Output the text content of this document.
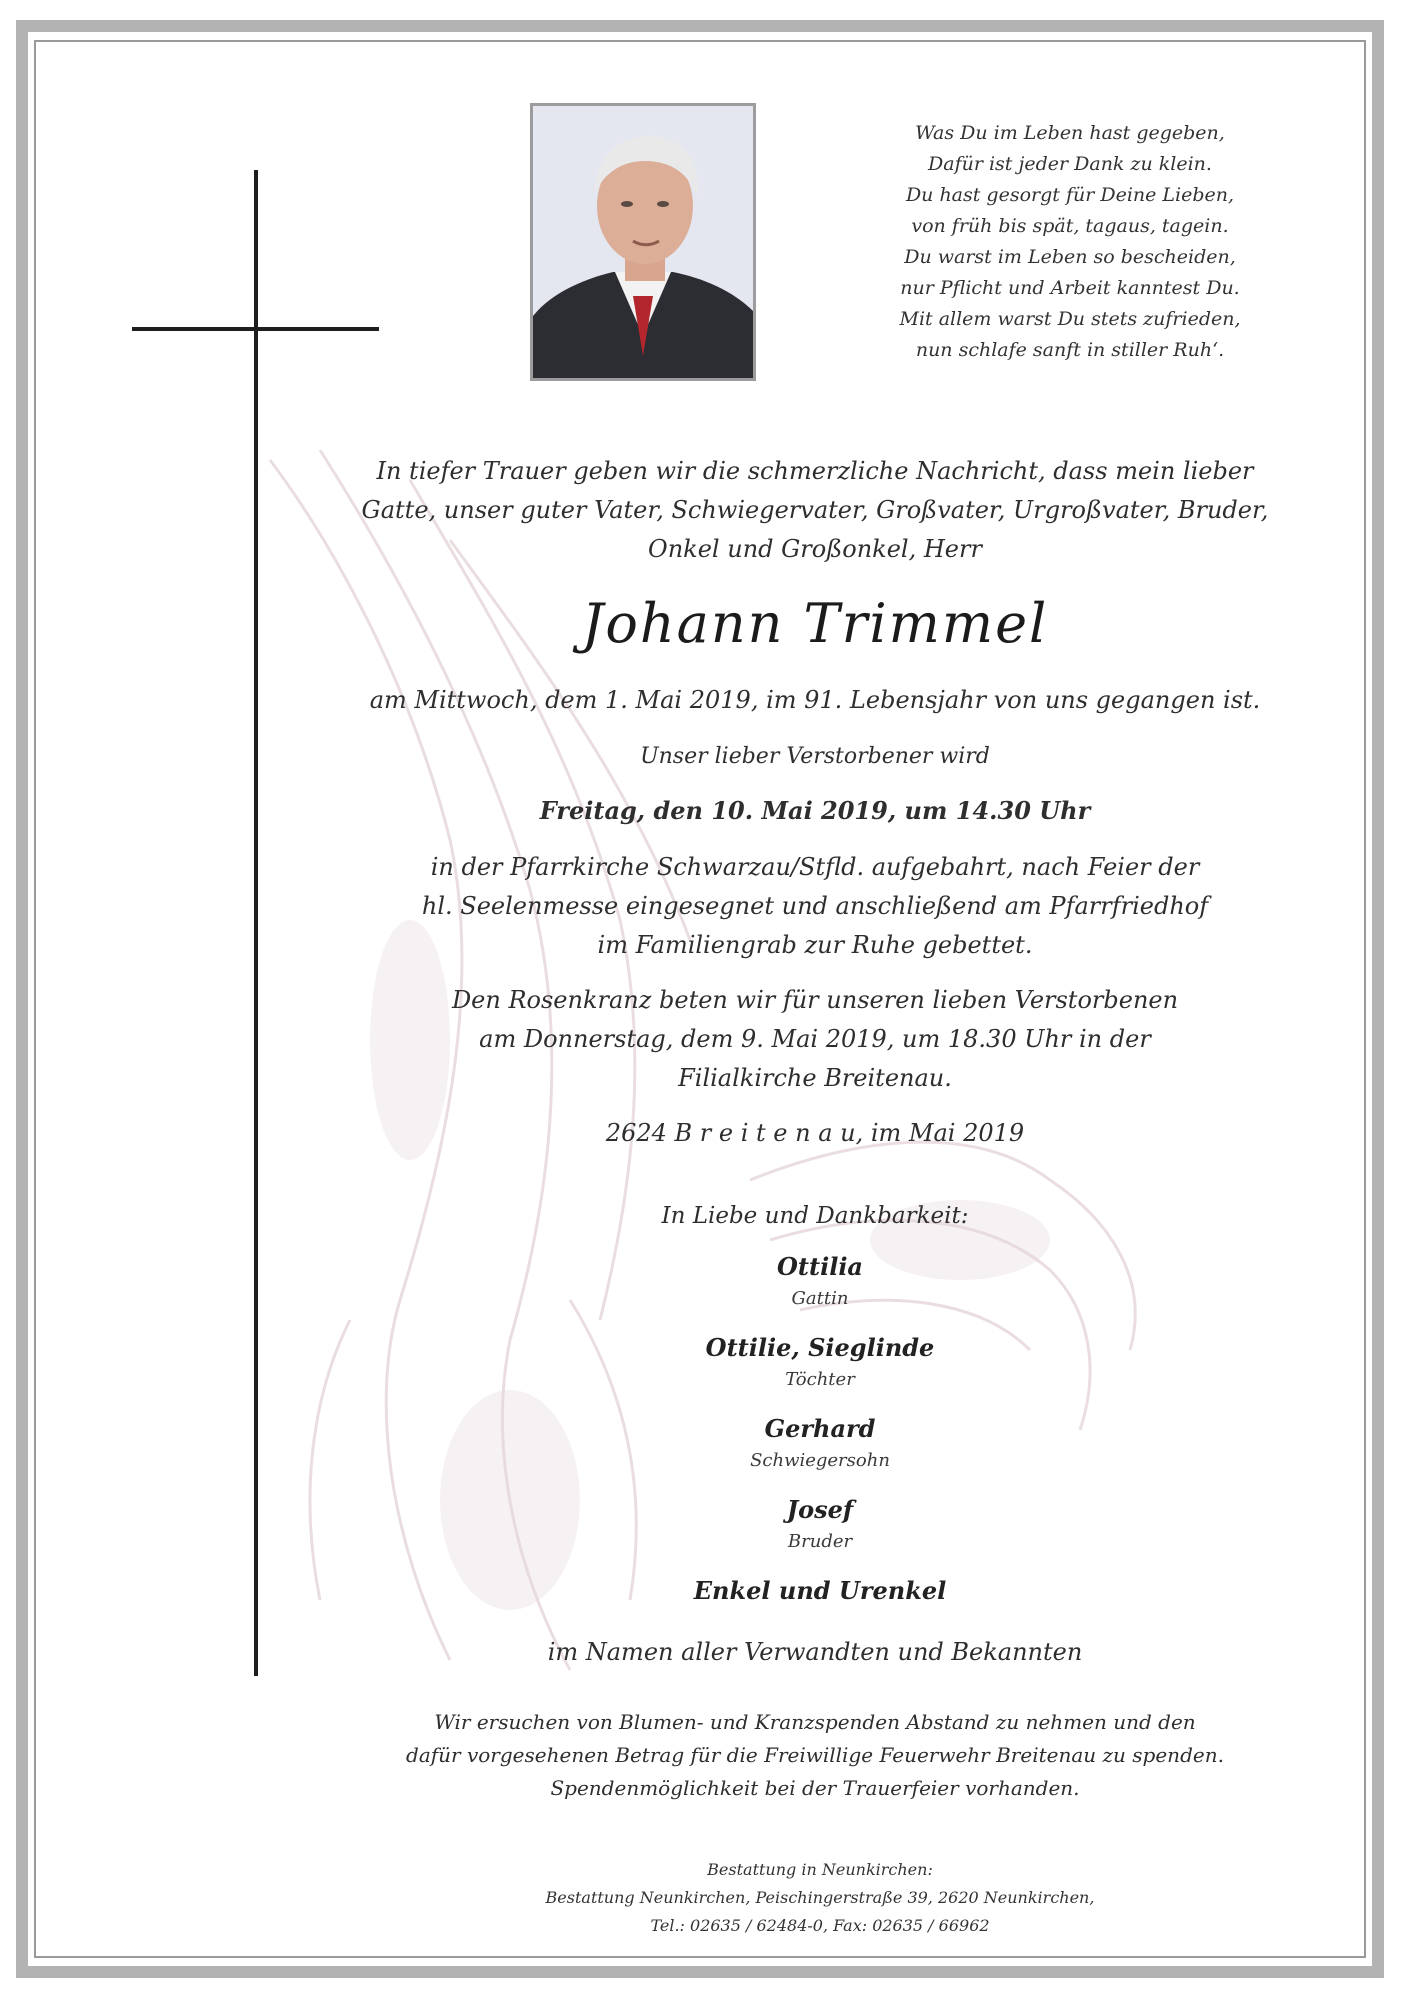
Was Du im Leben hast gegeben,
Dafür ist jeder Dank zu klein.
Du hast gesorgt für Deine Lieben,
von früh bis spät, tagaus, tagein.
Du warst im Leben so bescheiden,
nur Pflicht und Arbeit kanntest Du.
Mit allem warst Du stets zufrieden,
nun schlafe sanft in stiller Ruh‘.
In tiefer Trauer geben wir die schmerzliche Nachricht, dass mein lieber
Gatte, unser guter Vater, Schwiegervater, Großvater, Urgroßvater, Bruder,
Onkel und Großonkel, Herr
Johann Trimmel
am Mittwoch, dem 1. Mai 2019, im 91. Lebensjahr von uns gegangen ist.
Unser lieber Verstorbener wird
Freitag, den 10. Mai 2019, um 14.30 Uhr
in der Pfarrkirche Schwarzau/Stfld. aufgebahrt, nach Feier der
hl. Seelenmesse eingesegnet und anschließend am Pfarrfriedhof
im Familiengrab zur Ruhe gebettet.
Den Rosenkranz beten wir für unseren lieben Verstorbenen
am Donnerstag, dem 9. Mai 2019, um 18.30 Uhr in der
Filialkirche Breitenau.
2624 B r e i t e n a u, im Mai 2019
In Liebe und Dankbarkeit:
Ottilia
Gattin
Ottilie, Sieglinde
Töchter
Gerhard
Schwiegersohn
Josef
Bruder
Enkel und Urenkel
im Namen aller Verwandten und Bekannten
Wir ersuchen von Blumen- und Kranzspenden Abstand zu nehmen und den
dafür vorgesehenen Betrag für die Freiwillige Feuerwehr Breitenau zu spenden.
Spendenmöglichkeit bei der Trauerfeier vorhanden.
Bestattung in Neunkirchen:
Bestattung Neunkirchen, Peischingerstraße 39, 2620 Neunkirchen,
Tel.: 02635 / 62484-0, Fax: 02635 / 66962
